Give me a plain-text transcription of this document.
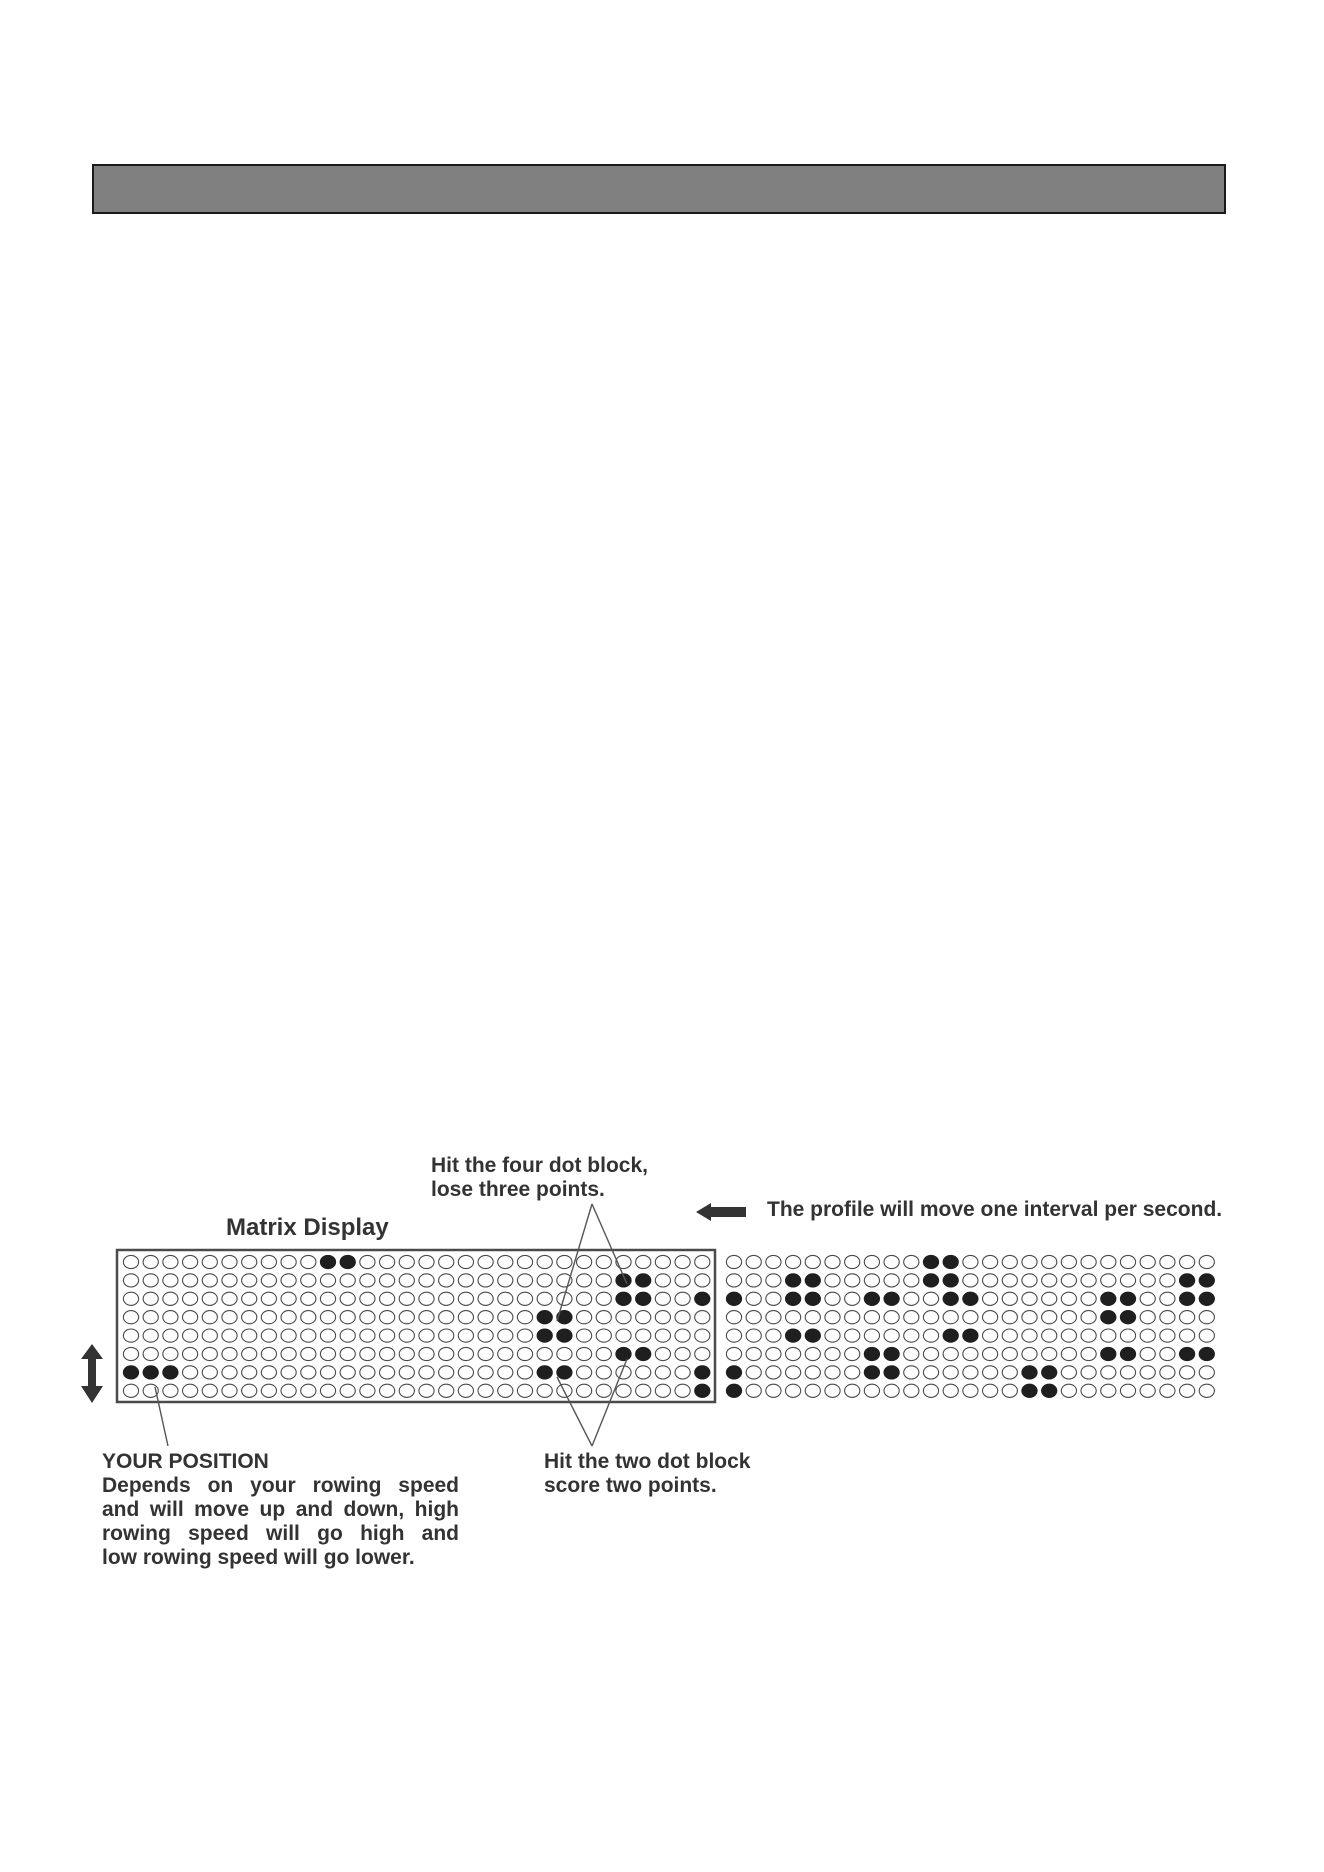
Matrix Display
Hit the four dot block,
lose three points.
The profile will move one interval per second.
YOUR POSITION
Depends on your rowing speed
and will move up and down, high
rowing speed will go high and
low rowing speed will go lower.
Hit the two dot block
score two points.
